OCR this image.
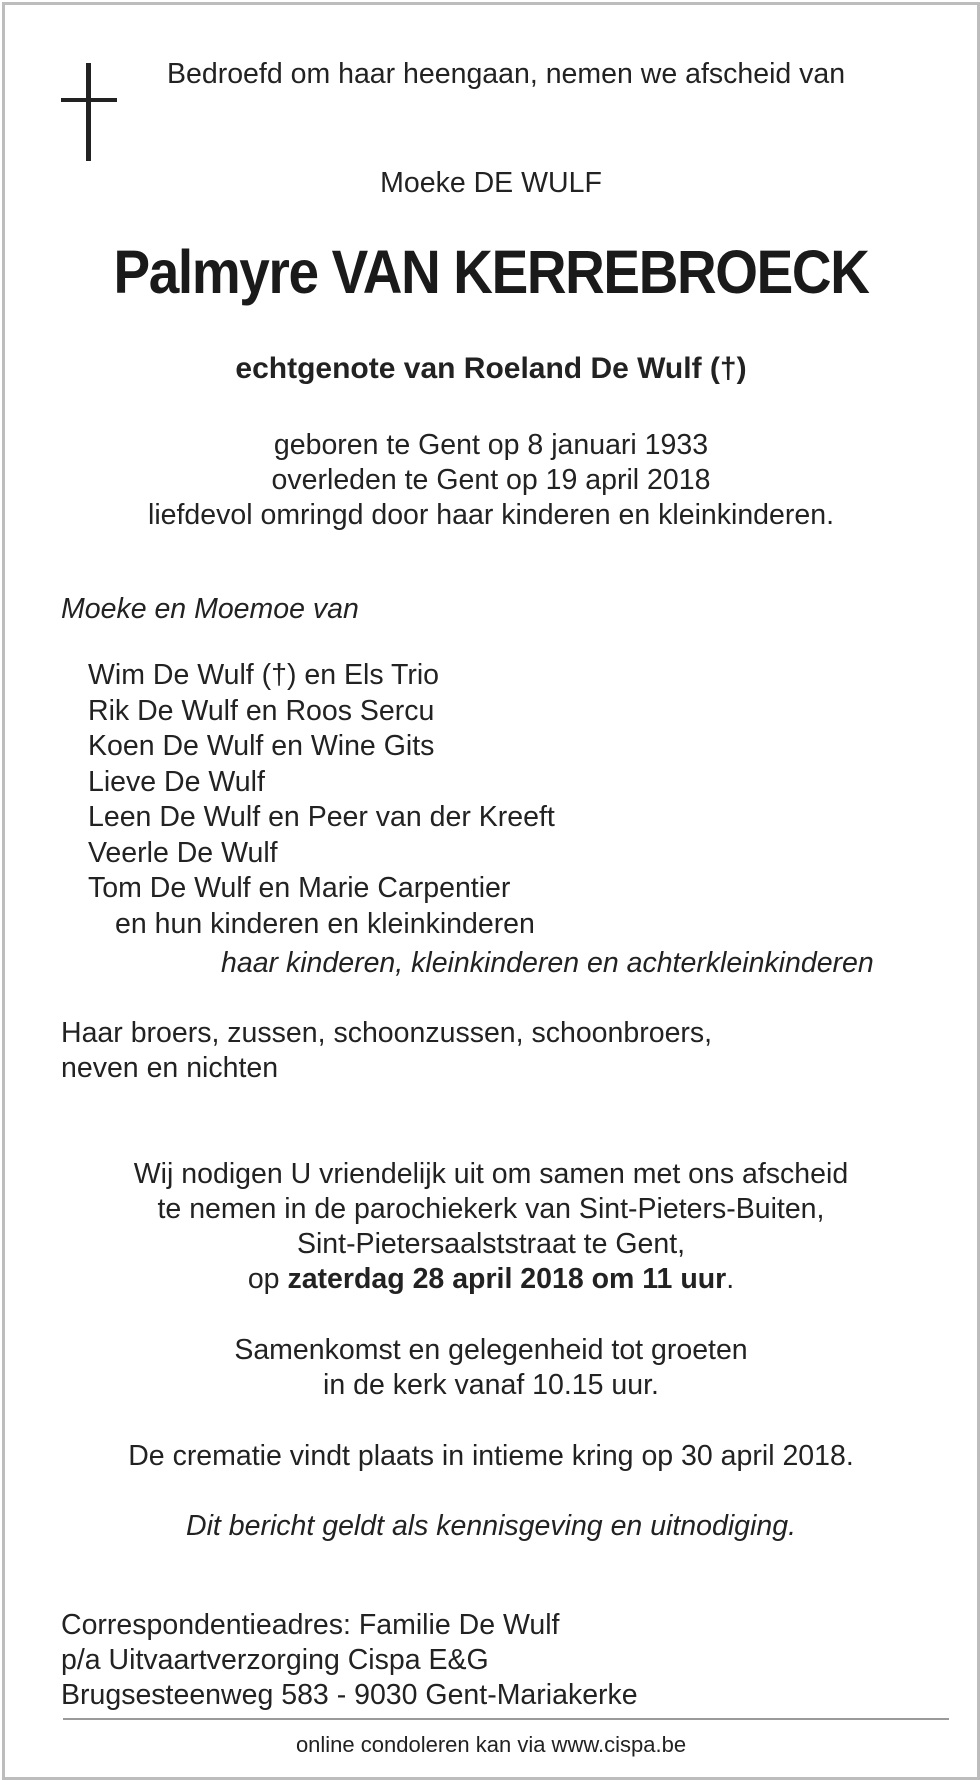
Bedroefd om haar heengaan, nemen we afscheid van
Moeke DE WULF
Palmyre VAN KERREBROECK
echtgenote van Roeland De Wulf (†)
geboren te Gent op 8 januari 1933
overleden te Gent op 19 april 2018
liefdevol omringd door haar kinderen en kleinkinderen.
Moeke en Moemoe van
Wim De Wulf (†) en Els Trio
Rik De Wulf en Roos Sercu
Koen De Wulf en Wine Gits
Lieve De Wulf
Leen De Wulf en Peer van der Kreeft
Veerle De Wulf
Tom De Wulf en Marie Carpentier
en hun kinderen en kleinkinderen
haar kinderen, kleinkinderen en achterkleinkinderen
Haar broers, zussen, schoonzussen, schoonbroers,
neven en nichten
Wij nodigen U vriendelijk uit om samen met ons afscheid
te nemen in de parochiekerk van Sint-Pieters-Buiten,
Sint-Pietersaalststraat te Gent,
op zaterdag 28 april 2018 om 11 uur.
Samenkomst en gelegenheid tot groeten
in de kerk vanaf 10.15 uur.
De crematie vindt plaats in intieme kring op 30 april 2018.
Dit bericht geldt als kennisgeving en uitnodiging.
Correspondentieadres: Familie De Wulf
p/a Uitvaartverzorging Cispa E&G
Brugsesteenweg 583 - 9030 Gent-Mariakerke
online condoleren kan via www.cispa.be
